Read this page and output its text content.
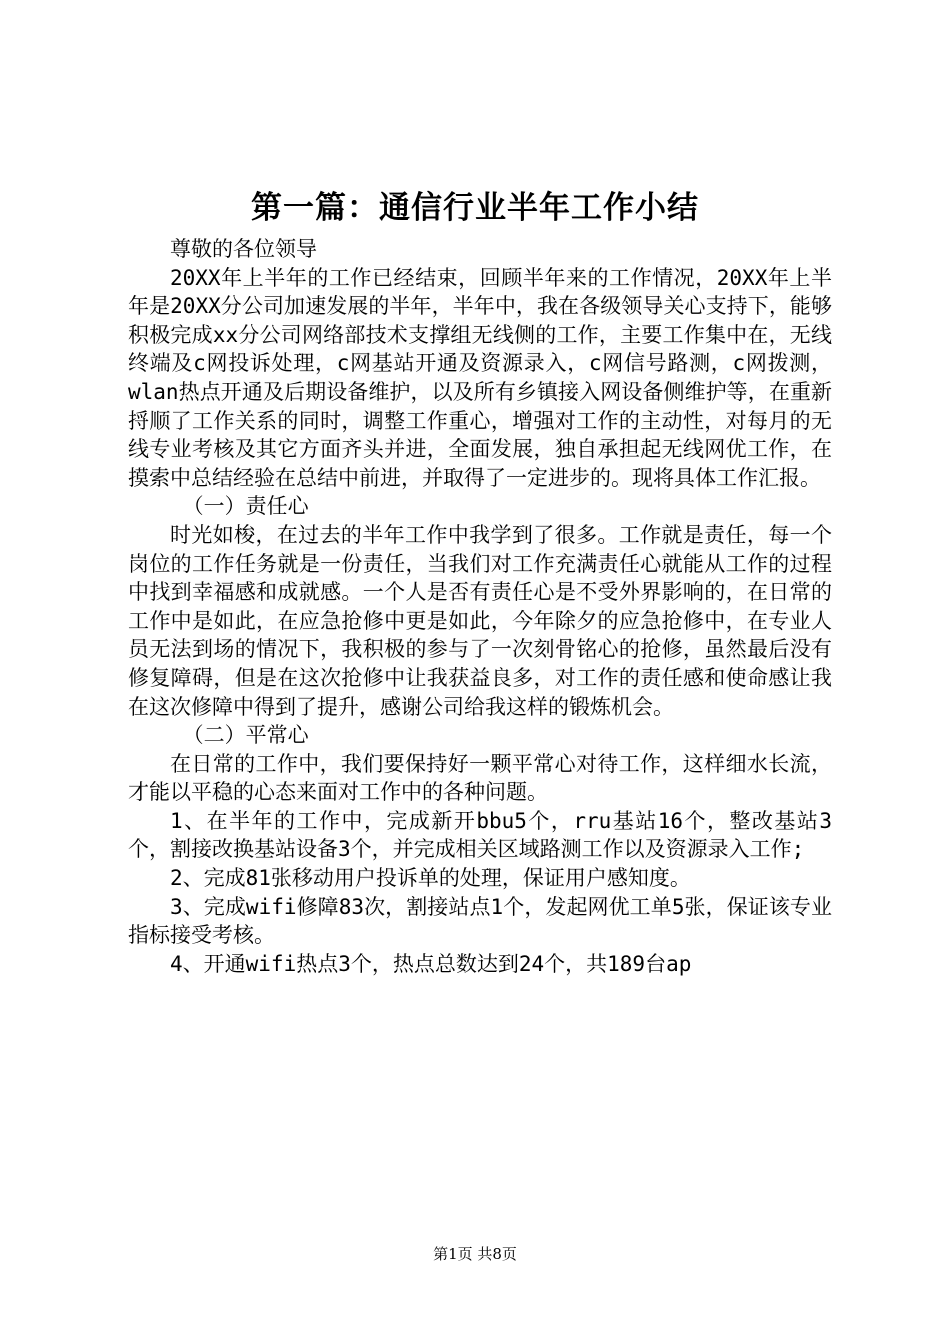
第一篇：通信行业半年工作小结

尊敬的各位领导

20XX年上半年的工作已经结束，回顾半年来的工作情况，20XX年上半年是20XX分公司加速发展的半年，半年中，我在各级领导关心支持下，能够积极完成xx分公司网络部技术支撑组无线侧的工作，主要工作集中在，无线终端及c网投诉处理，c网基站开通及资源录入，c网信号路测，c网拨测，wlan热点开通及后期设备维护，以及所有乡镇接入网设备侧维护等，在重新捋顺了工作关系的同时，调整工作重心，增强对工作的主动性，对每月的无线专业考核及其它方面齐头并进，全面发展，独自承担起无线网优工作，在摸索中总结经验在总结中前进，并取得了一定进步的。现将具体工作汇报。

（一）责任心

时光如梭，在过去的半年工作中我学到了很多。工作就是责任，每一个岗位的工作任务就是一份责任，当我们对工作充满责任心就能从工作的过程中找到幸福感和成就感。一个人是否有责任心是不受外界影响的，在日常的工作中是如此，在应急抢修中更是如此，今年除夕的应急抢修中，在专业人员无法到场的情况下，我积极的参与了一次刻骨铭心的抢修，虽然最后没有修复障碍，但是在这次抢修中让我获益良多，对工作的责任感和使命感让我在这次修障中得到了提升，感谢公司给我这样的锻炼机会。

（二）平常心

在日常的工作中，我们要保持好一颗平常心对待工作，这样细水长流，才能以平稳的心态来面对工作中的各种问题。

1、在半年的工作中，完成新开bbu5个，rru基站16个，整改基站3个，割接改换基站设备3个，并完成相关区域路测工作以及资源录入工作;

2、完成81张移动用户投诉单的处理，保证用户感知度。

3、完成wifi修障83次，割接站点1个，发起网优工单5张，保证该专业指标接受考核。

4、开通wifi热点3个，热点总数达到24个，共189台ap

第1页 共8页
